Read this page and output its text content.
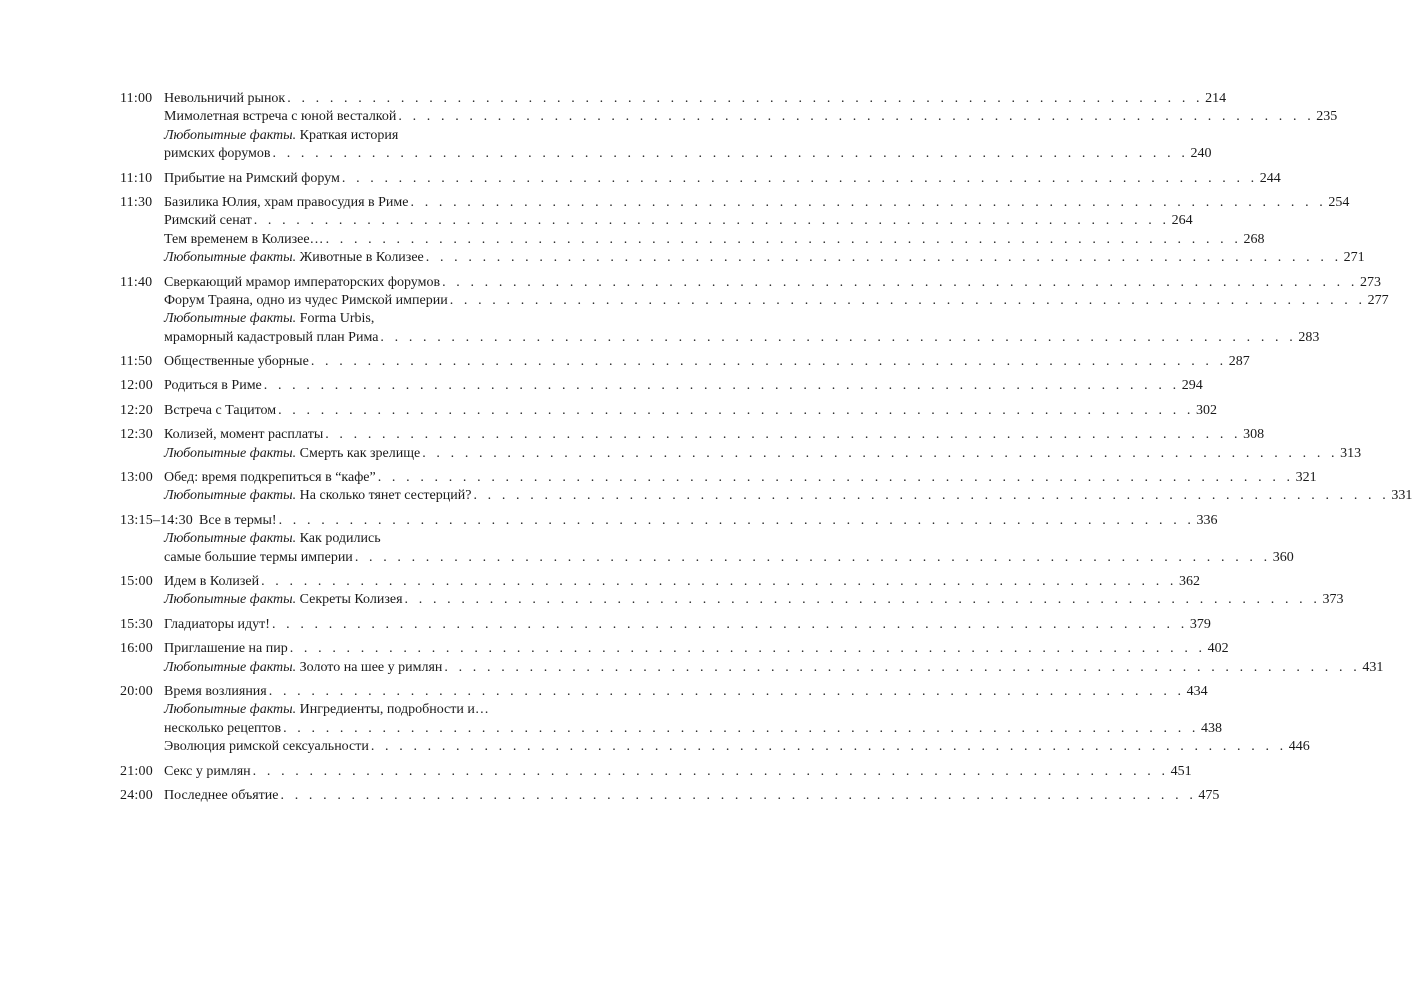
11:00 Невольничий рынок . . . . . . . . . . . . . . . . . . . . . . . . . . . . . . . . . . . . . . . . . . . . . . . . . . . . . . . . . . . . . . . . . 214
Мимолетная встреча с юной весталкой . . . . . . . . . . . . . . . . . . . . . . . . . . . . . . . . . . . . . . . . . . . . . . . . . . . . . . . . . . . . . . . . . 235
Любопытные факты. Краткая история
римских форумов . . . . . . . . . . . . . . . . . . . . . . . . . . . . . . . . . . . . . . . . . . . . . . . . . . . . . . . . . . . . . . . . . 240
11:10 Прибытие на Римский форум . . . . . . . . . . . . . . . . . . . . . . . . . . . . . . . . . . . . . . . . . . . . . . . . . . . . . . . . . . . . . . . . . 244
11:30 Базилика Юлия, храм правосудия в Риме . . . . . . . . . . . . . . . . . . . . . . . . . . . . . . . . . . . . . . . . . . . . . . . . . . . . . . . . . . . . . . . . . 254
Римский сенат . . . . . . . . . . . . . . . . . . . . . . . . . . . . . . . . . . . . . . . . . . . . . . . . . . . . . . . . . . . . . . . . . 264
Тем временем в Колизее… . . . . . . . . . . . . . . . . . . . . . . . . . . . . . . . . . . . . . . . . . . . . . . . . . . . . . . . . . . . . . . . . . 268
Любопытные факты. Животные в Колизее . . . . . . . . . . . . . . . . . . . . . . . . . . . . . . . . . . . . . . . . . . . . . . . . . . . . . . . . . . . . . . . . . 271
11:40 Сверкающий мрамор императорских форумов . . . . . . . . . . . . . . . . . . . . . . . . . . . . . . . . . . . . . . . . . . . . . . . . . . . . . . . . . . . . . . . . . 273
Форум Траяна, одно из чудес Римской империи . . . . . . . . . . . . . . . . . . . . . . . . . . . . . . . . . . . . . . . . . . . . . . . . . . . . . . . . . . . . . . . . . 277
Любопытные факты. Forma Urbis,
мраморный кадастровый план Рима . . . . . . . . . . . . . . . . . . . . . . . . . . . . . . . . . . . . . . . . . . . . . . . . . . . . . . . . . . . . . . . . . 283
11:50 Общественные уборные . . . . . . . . . . . . . . . . . . . . . . . . . . . . . . . . . . . . . . . . . . . . . . . . . . . . . . . . . . . . . . . . . 287
12:00 Родиться в Риме . . . . . . . . . . . . . . . . . . . . . . . . . . . . . . . . . . . . . . . . . . . . . . . . . . . . . . . . . . . . . . . . . 294
12:20 Встреча с Тацитом . . . . . . . . . . . . . . . . . . . . . . . . . . . . . . . . . . . . . . . . . . . . . . . . . . . . . . . . . . . . . . . . . 302
12:30 Колизей, момент расплаты . . . . . . . . . . . . . . . . . . . . . . . . . . . . . . . . . . . . . . . . . . . . . . . . . . . . . . . . . . . . . . . . . 308
Любопытные факты. Смерть как зрелище . . . . . . . . . . . . . . . . . . . . . . . . . . . . . . . . . . . . . . . . . . . . . . . . . . . . . . . . . . . . . . . . . 313
13:00 Обед: время подкрепиться в “кафе” . . . . . . . . . . . . . . . . . . . . . . . . . . . . . . . . . . . . . . . . . . . . . . . . . . . . . . . . . . . . . . . . . 321
Любопытные факты. На сколько тянет сестерций? . . . . . . . . . . . . . . . . . . . . . . . . . . . . . . . . . . . . . . . . . . . . . . . . . . . . . . . . . . . . . . . . . 331
13:15–14:30 Все в термы! . . . . . . . . . . . . . . . . . . . . . . . . . . . . . . . . . . . . . . . . . . . . . . . . . . . . . . . . . . . . . . . . . 336
Любопытные факты. Как родились
самые большие термы империи . . . . . . . . . . . . . . . . . . . . . . . . . . . . . . . . . . . . . . . . . . . . . . . . . . . . . . . . . . . . . . . . . 360
15:00 Идем в Колизей . . . . . . . . . . . . . . . . . . . . . . . . . . . . . . . . . . . . . . . . . . . . . . . . . . . . . . . . . . . . . . . . . 362
Любопытные факты. Секреты Колизея . . . . . . . . . . . . . . . . . . . . . . . . . . . . . . . . . . . . . . . . . . . . . . . . . . . . . . . . . . . . . . . . . 373
15:30 Гладиаторы идут! . . . . . . . . . . . . . . . . . . . . . . . . . . . . . . . . . . . . . . . . . . . . . . . . . . . . . . . . . . . . . . . . . 379
16:00 Приглашение на пир . . . . . . . . . . . . . . . . . . . . . . . . . . . . . . . . . . . . . . . . . . . . . . . . . . . . . . . . . . . . . . . . . 402
Любопытные факты. Золото на шее у римлян . . . . . . . . . . . . . . . . . . . . . . . . . . . . . . . . . . . . . . . . . . . . . . . . . . . . . . . . . . . . . . . . . 431
20:00 Время возлияния . . . . . . . . . . . . . . . . . . . . . . . . . . . . . . . . . . . . . . . . . . . . . . . . . . . . . . . . . . . . . . . . . 434
Любопытные факты. Ингредиенты, подробности и…
несколько рецептов . . . . . . . . . . . . . . . . . . . . . . . . . . . . . . . . . . . . . . . . . . . . . . . . . . . . . . . . . . . . . . . . . 438
Эволюция римской сексуальности . . . . . . . . . . . . . . . . . . . . . . . . . . . . . . . . . . . . . . . . . . . . . . . . . . . . . . . . . . . . . . . . . 446
21:00 Секс у римлян . . . . . . . . . . . . . . . . . . . . . . . . . . . . . . . . . . . . . . . . . . . . . . . . . . . . . . . . . . . . . . . . . 451
24:00 Последнее объятие . . . . . . . . . . . . . . . . . . . . . . . . . . . . . . . . . . . . . . . . . . . . . . . . . . . . . . . . . . . . . . . . . 475
